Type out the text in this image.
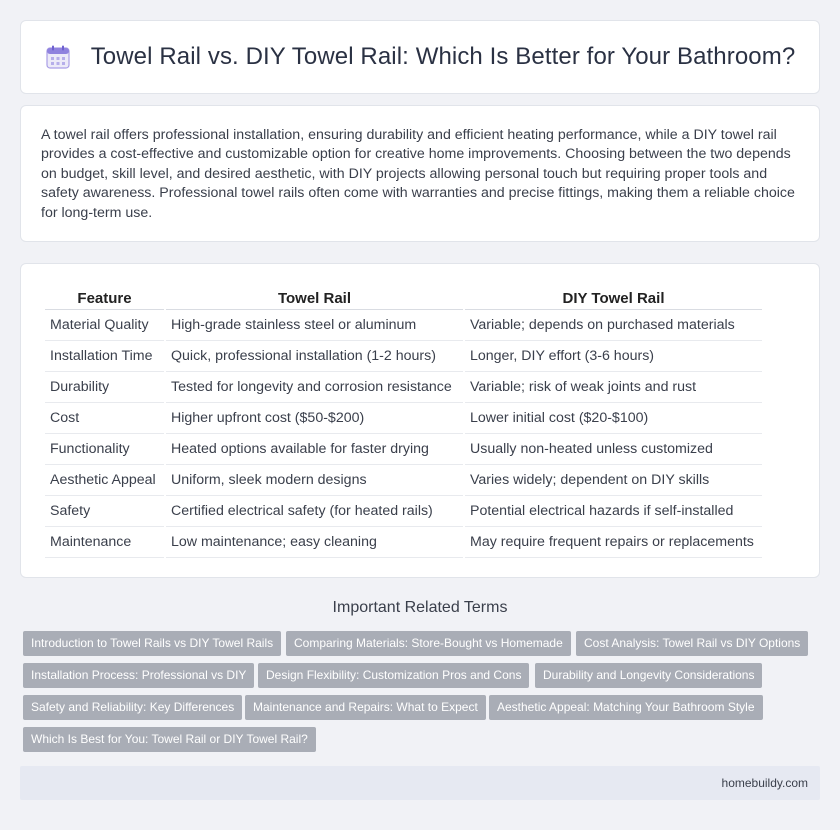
Towel Rail vs. DIY Towel Rail: Which Is Better for Your Bathroom?

A towel rail offers professional installation, ensuring durability and efficient heating performance, while a DIY towel rail provides a cost-effective and customizable option for creative home improvements. Choosing between the two depends on budget, skill level, and desired aesthetic, with DIY projects allowing personal touch but requiring proper tools and safety awareness. Professional towel rails often come with warranties and precise fittings, making them a reliable choice for long-term use.

Feature	Towel Rail	DIY Towel Rail
Material Quality	High-grade stainless steel or aluminum	Variable; depends on purchased materials
Installation Time	Quick, professional installation (1-2 hours)	Longer, DIY effort (3-6 hours)
Durability	Tested for longevity and corrosion resistance	Variable; risk of weak joints and rust
Cost	Higher upfront cost ($50-$200)	Lower initial cost ($20-$100)
Functionality	Heated options available for faster drying	Usually non-heated unless customized
Aesthetic Appeal	Uniform, sleek modern designs	Varies widely; dependent on DIY skills
Safety	Certified electrical safety (for heated rails)	Potential electrical hazards if self-installed
Maintenance	Low maintenance; easy cleaning	May require frequent repairs or replacements
Important Related Terms
Introduction to Towel Rails vs DIY Towel Rails	Comparing Materials: Store-Bought vs Homemade	Cost Analysis: Towel Rail vs DIY Options
Installation Process: Professional vs DIY	Design Flexibility: Customization Pros and Cons	Durability and Longevity Considerations
Safety and Reliability: Key Differences	Maintenance and Repairs: What to Expect	Aesthetic Appeal: Matching Your Bathroom Style
Which Is Best for You: Towel Rail or DIY Towel Rail?
homebuildy.com
